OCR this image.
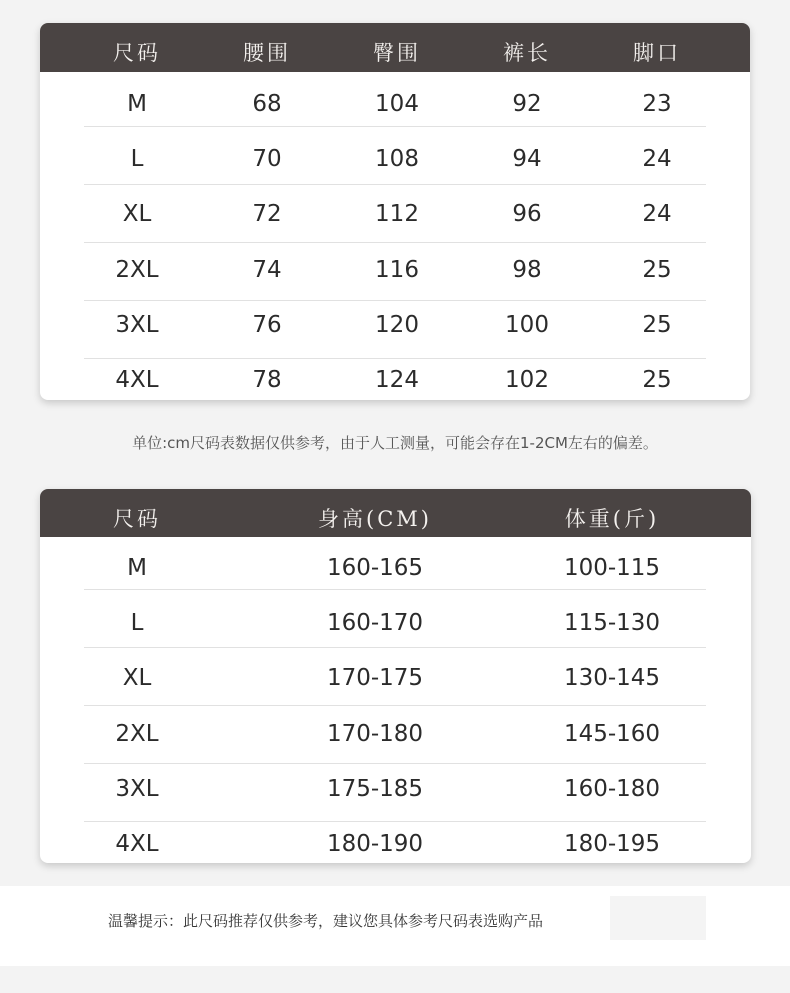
尺码	腰围	臀围	裤长	脚口
M	68	104	92	23
L	70	108	94	24
XL	72	112	96	24
2XL	74	116	98	25
3XL	76	120	100	25
4XL	78	124	102	25
单位:cm尺码表数据仅供参考，由于人工测量，可能会存在1-2CM左右的偏差。
尺码	身高(CM)	体重(斤)
M	160-165	100-115
L	160-170	115-130
XL	170-175	130-145
2XL	170-180	145-160
3XL	175-185	160-180
4XL	180-190	180-195
温馨提示：此尺码推荐仅供参考，建议您具体参考尺码表选购产品
